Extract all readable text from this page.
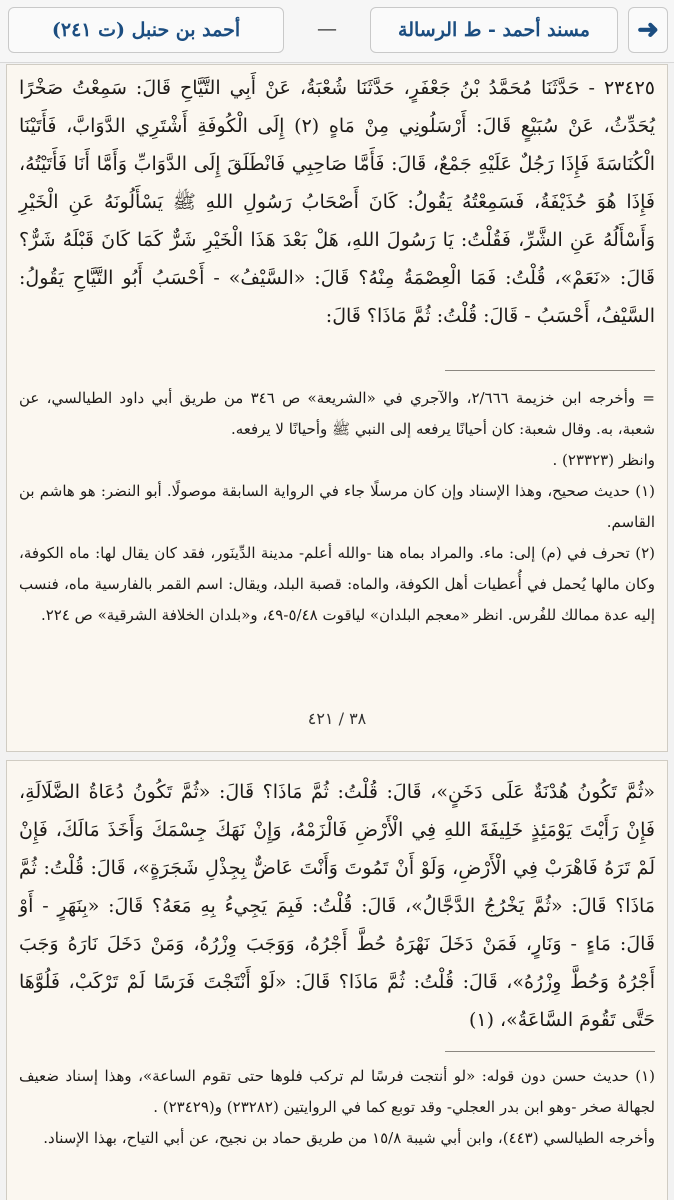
➜
مسند أحمد - ط الرسالة
—
أحمد بن حنبل (ت ٢٤١)

٢٣٤٢٥ - حَدَّثَنَا مُحَمَّدُ بْنُ جَعْفَرٍ، حَدَّثَنَا شُعْبَةُ، عَنْ أَبِي التَّيَّاحِ قَالَ: سَمِعْتُ صَخْرًا يُحَدِّثُ، عَنْ سُبَيْعٍ قَالَ: أَرْسَلُونِي مِنْ مَاهٍ (٢) إِلَى الْكُوفَةِ أَشْتَرِي الدَّوَابَّ، فَأَتَيْنَا الْكُنَاسَةَ فَإِذَا رَجُلٌ عَلَيْهِ جَمْعٌ، قَالَ: فَأَمَّا صَاحِبِي فَانْطَلَقَ إِلَى الدَّوَابِّ وَأَمَّا أَنَا فَأَتَيْتُهُ، فَإِذَا هُوَ حُذَيْفَةُ، فَسَمِعْتُهُ يَقُولُ: كَانَ أَصْحَابُ رَسُولِ اللهِ ﷺ يَسْأَلُونَهُ عَنِ الْخَيْرِ وَأَسْأَلُهُ عَنِ الشَّرِّ، فَقُلْتُ: يَا رَسُولَ اللهِ، هَلْ بَعْدَ هَذَا الْخَيْرِ شَرٌّ كَمَا كَانَ قَبْلَهُ شَرٌّ؟ قَالَ: «نَعَمْ»، قُلْتُ: فَمَا الْعِصْمَةُ مِنْهُ؟ قَالَ: «السَّيْفُ» - أَحْسَبُ أَبُو التَّيَّاحِ يَقُولُ: السَّيْفُ، أَحْسَبُ - قَالَ: قُلْتُ: ثُمَّ مَاذَا؟ قَالَ:

= وأخرجه ابن خزيمة ٢/٦٦٦، والآجري في «الشريعة» ص ٣٤٦ من طريق أبي داود الطيالسي، عن شعبة، به. وقال شعبة: كان أحيانًا يرفعه إلى النبي ﷺ وأحيانًا لا يرفعه.

وانظر (٢٣٣٢٣) .

(١) حديث صحيح، وهذا الإسناد وإن كان مرسلًا جاء في الرواية السابقة موصولًا. أبو النضر: هو هاشم بن القاسم.

(٢) تحرف في (م) إلى: ماء. والمراد بماه هنا -والله أعلم- مدينة الدِّينَور، فقد كان يقال لها: ماه الكوفة، وكان مالها يُحمل في أُعطيات أهل الكوفة، والماه: قصبة البلد، ويقال: اسم القمر بالفارسية ماه، فنسب إليه عدة ممالك للفُرس. انظر «معجم البلدان» لياقوت ٥/٤٨-٤٩، و«بلدان الخلافة الشرقية» ص ٢٢٤.

٣٨ / ٤٢١

«ثُمَّ تَكُونُ هُدْنَةٌ عَلَى دَخَنٍ»، قَالَ: قُلْتُ: ثُمَّ مَاذَا؟ قَالَ: «ثُمَّ تَكُونُ دُعَاةُ الضَّلَالَةِ، فَإِنْ رَأَيْتَ يَوْمَئِذٍ خَلِيفَةَ اللهِ فِي الْأَرْضِ فَالْزَمْهُ، وَإِنْ نَهَكَ جِسْمَكَ وَأَخَذَ مَالَكَ، فَإِنْ لَمْ تَرَهُ فَاهْرَبْ فِي الْأَرْضِ، وَلَوْ أَنْ تَمُوتَ وَأَنْتَ عَاضٌّ بِجِذْلِ شَجَرَةٍ»، قَالَ: قُلْتُ: ثُمَّ مَاذَا؟ قَالَ: «ثُمَّ يَخْرُجُ الدَّجَّالُ»، قَالَ: قُلْتُ: فَبِمَ يَجِيءُ بِهِ مَعَهُ؟ قَالَ: «بِنَهَرٍ - أَوْ قَالَ: مَاءٍ - وَنَارٍ، فَمَنْ دَخَلَ نَهْرَهُ حُطَّ أَجْرُهُ، وَوَجَبَ وِزْرُهُ، وَمَنْ دَخَلَ نَارَهُ وَجَبَ أَجْرُهُ وَحُطَّ وِزْرُهُ»، قَالَ: قُلْتُ: ثُمَّ مَاذَا؟ قَالَ: «لَوْ أَنْتَجْتَ فَرَسًا لَمْ تَرْكَبْ، فَلُوَّهَا حَتَّى تَقُومَ السَّاعَةُ»، (١)

(١) حديث حسن دون قوله: «لو أنتجت فرسًا لم تركب فلوها حتى تقوم الساعة»، وهذا إسناد ضعيف لجهالة صخر -وهو ابن بدر العجلي- وقد توبع كما في الروايتين (٢٣٢٨٢) و(٢٣٤٢٩) .

وأخرجه الطيالسي (٤٤٣)، وابن أبي شيبة ١٥/٨ من طريق حماد بن نجيح، عن أبي التياح، بهذا الإسناد.
